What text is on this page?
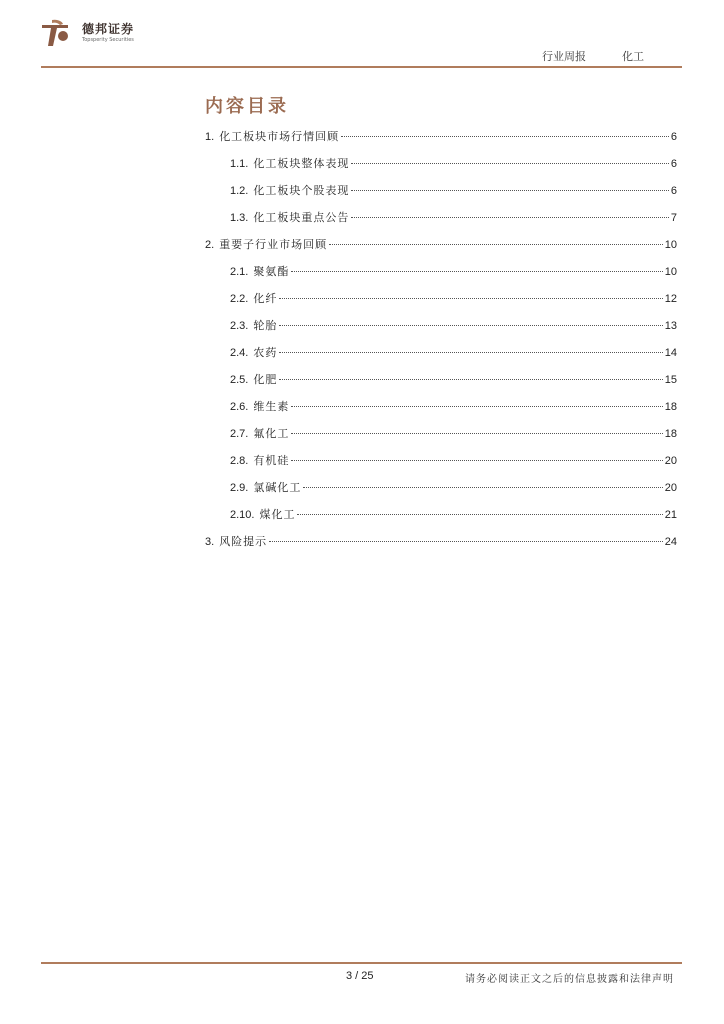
德邦证券
Topsperity Securities
行业周报	化工
内容目录
1. 化工板块市场行情回顾	6
1.1. 化工板块整体表现	6
1.2. 化工板块个股表现	6
1.3. 化工板块重点公告	7
2. 重要子行业市场回顾	10
2.1. 聚氨酯	10
2.2. 化纤	12
2.3. 轮胎	13
2.4. 农药	14
2.5. 化肥	15
2.6. 维生素	18
2.7. 氟化工	18
2.8. 有机硅	20
2.9. 氯碱化工	20
2.10. 煤化工	21
3. 风险提示	24
3 / 25	请务必阅读正文之后的信息披露和法律声明
